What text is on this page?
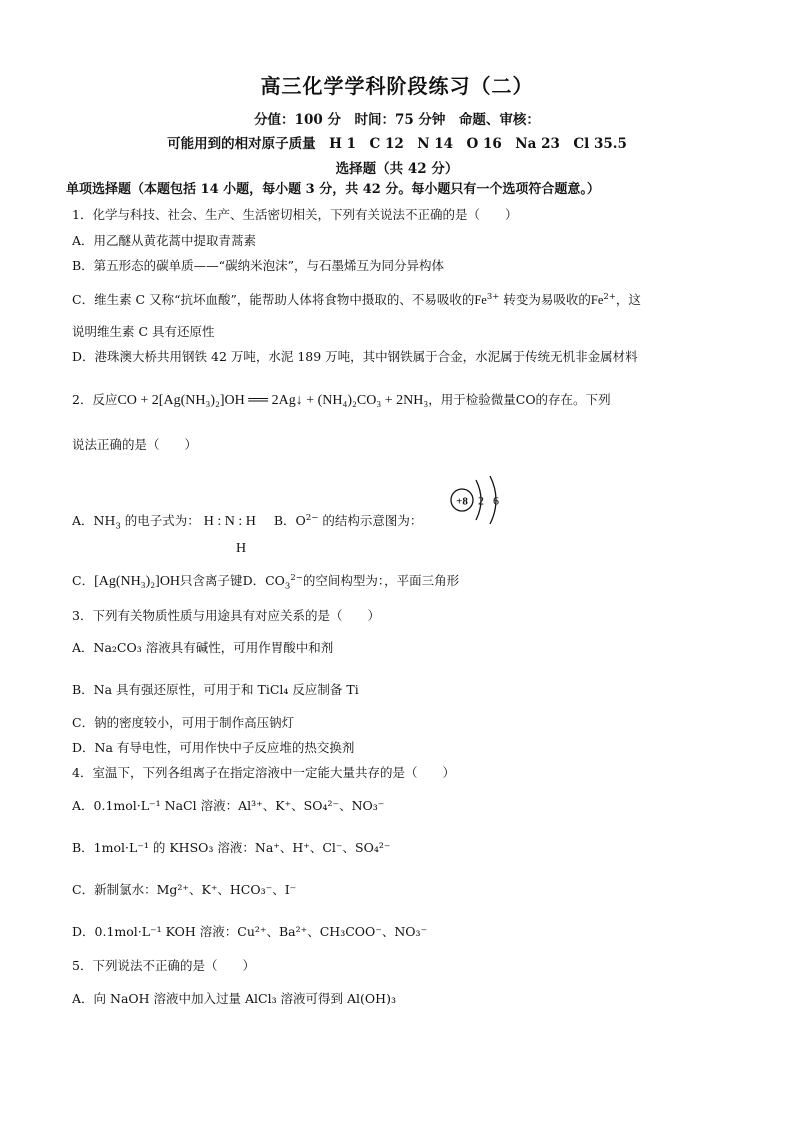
高三化学学科阶段练习（二）
分值：100 分　时间：75 分钟　命题、审核：
可能用到的相对原子质量　H 1　C 12　N 14　O 16　Na 23　Cl 35.5
选择题（共 42 分）
单项选择题（本题包括 14 小题，每小题 3 分，共 42 分。每小题只有一个选项符合题意。）
1．化学与科技、社会、生产、生活密切相关，下列有关说法不正确的是（　　）
A．用乙醚从黄花蒿中提取青蒿素
B．第五形态的碳单质——“碳纳米泡沫”，与石墨烯互为同分异构体
C．维生素 C 又称“抗坏血酸”，能帮助人体将食物中摄取的、不易吸收的$Fe^{3+}$ 转变为易吸收的$Fe^{2+}$，这
说明维生素 C 具有还原性
D．港珠澳大桥共用钢铁 42 万吨，水泥 189 万吨，其中钢铁属于合金，水泥属于传统无机非金属材料
2．反应CO + 2[Ag(NH₃)₂]OH ══ 2Ag↓ + (NH₄)₂CO₃ + 2NH₃，用于检验微量CO的存在。下列
说法正确的是（　　）
A．$NH_3$ 的电子式为： H : N : H B．$O^{2-}$ 的结构示意图为：
H
+8 2 6
C．[Ag(NH₃)₂]OH只含离子键D．$CO_3^{2-}$的空间构型为：，平面三角形
3．下列有关物质性质与用途具有对应关系的是（　　）
A．Na₂CO₃ 溶液具有碱性，可用作胃酸中和剂
B．Na 具有强还原性，可用于和 TiCl₄ 反应制备 Ti
C．钠的密度较小，可用于制作高压钠灯
D．Na 有导电性，可用作快中子反应堆的热交换剂
4．室温下，下列各组离子在指定溶液中一定能大量共存的是（　　）
A．0.1mol·L⁻¹ NaCl 溶液：Al³⁺、K⁺、SO₄²⁻、NO₃⁻
B．1mol·L⁻¹ 的 KHSO₃ 溶液：Na⁺、H⁺、Cl⁻、SO₄²⁻
C．新制氯水：Mg²⁺、K⁺、HCO₃⁻、I⁻
D．0.1mol·L⁻¹ KOH 溶液：Cu²⁺、Ba²⁺、CH₃COO⁻、NO₃⁻
5．下列说法不正确的是（　　）
A．向 NaOH 溶液中加入过量 AlCl₃ 溶液可得到 Al(OH)₃
